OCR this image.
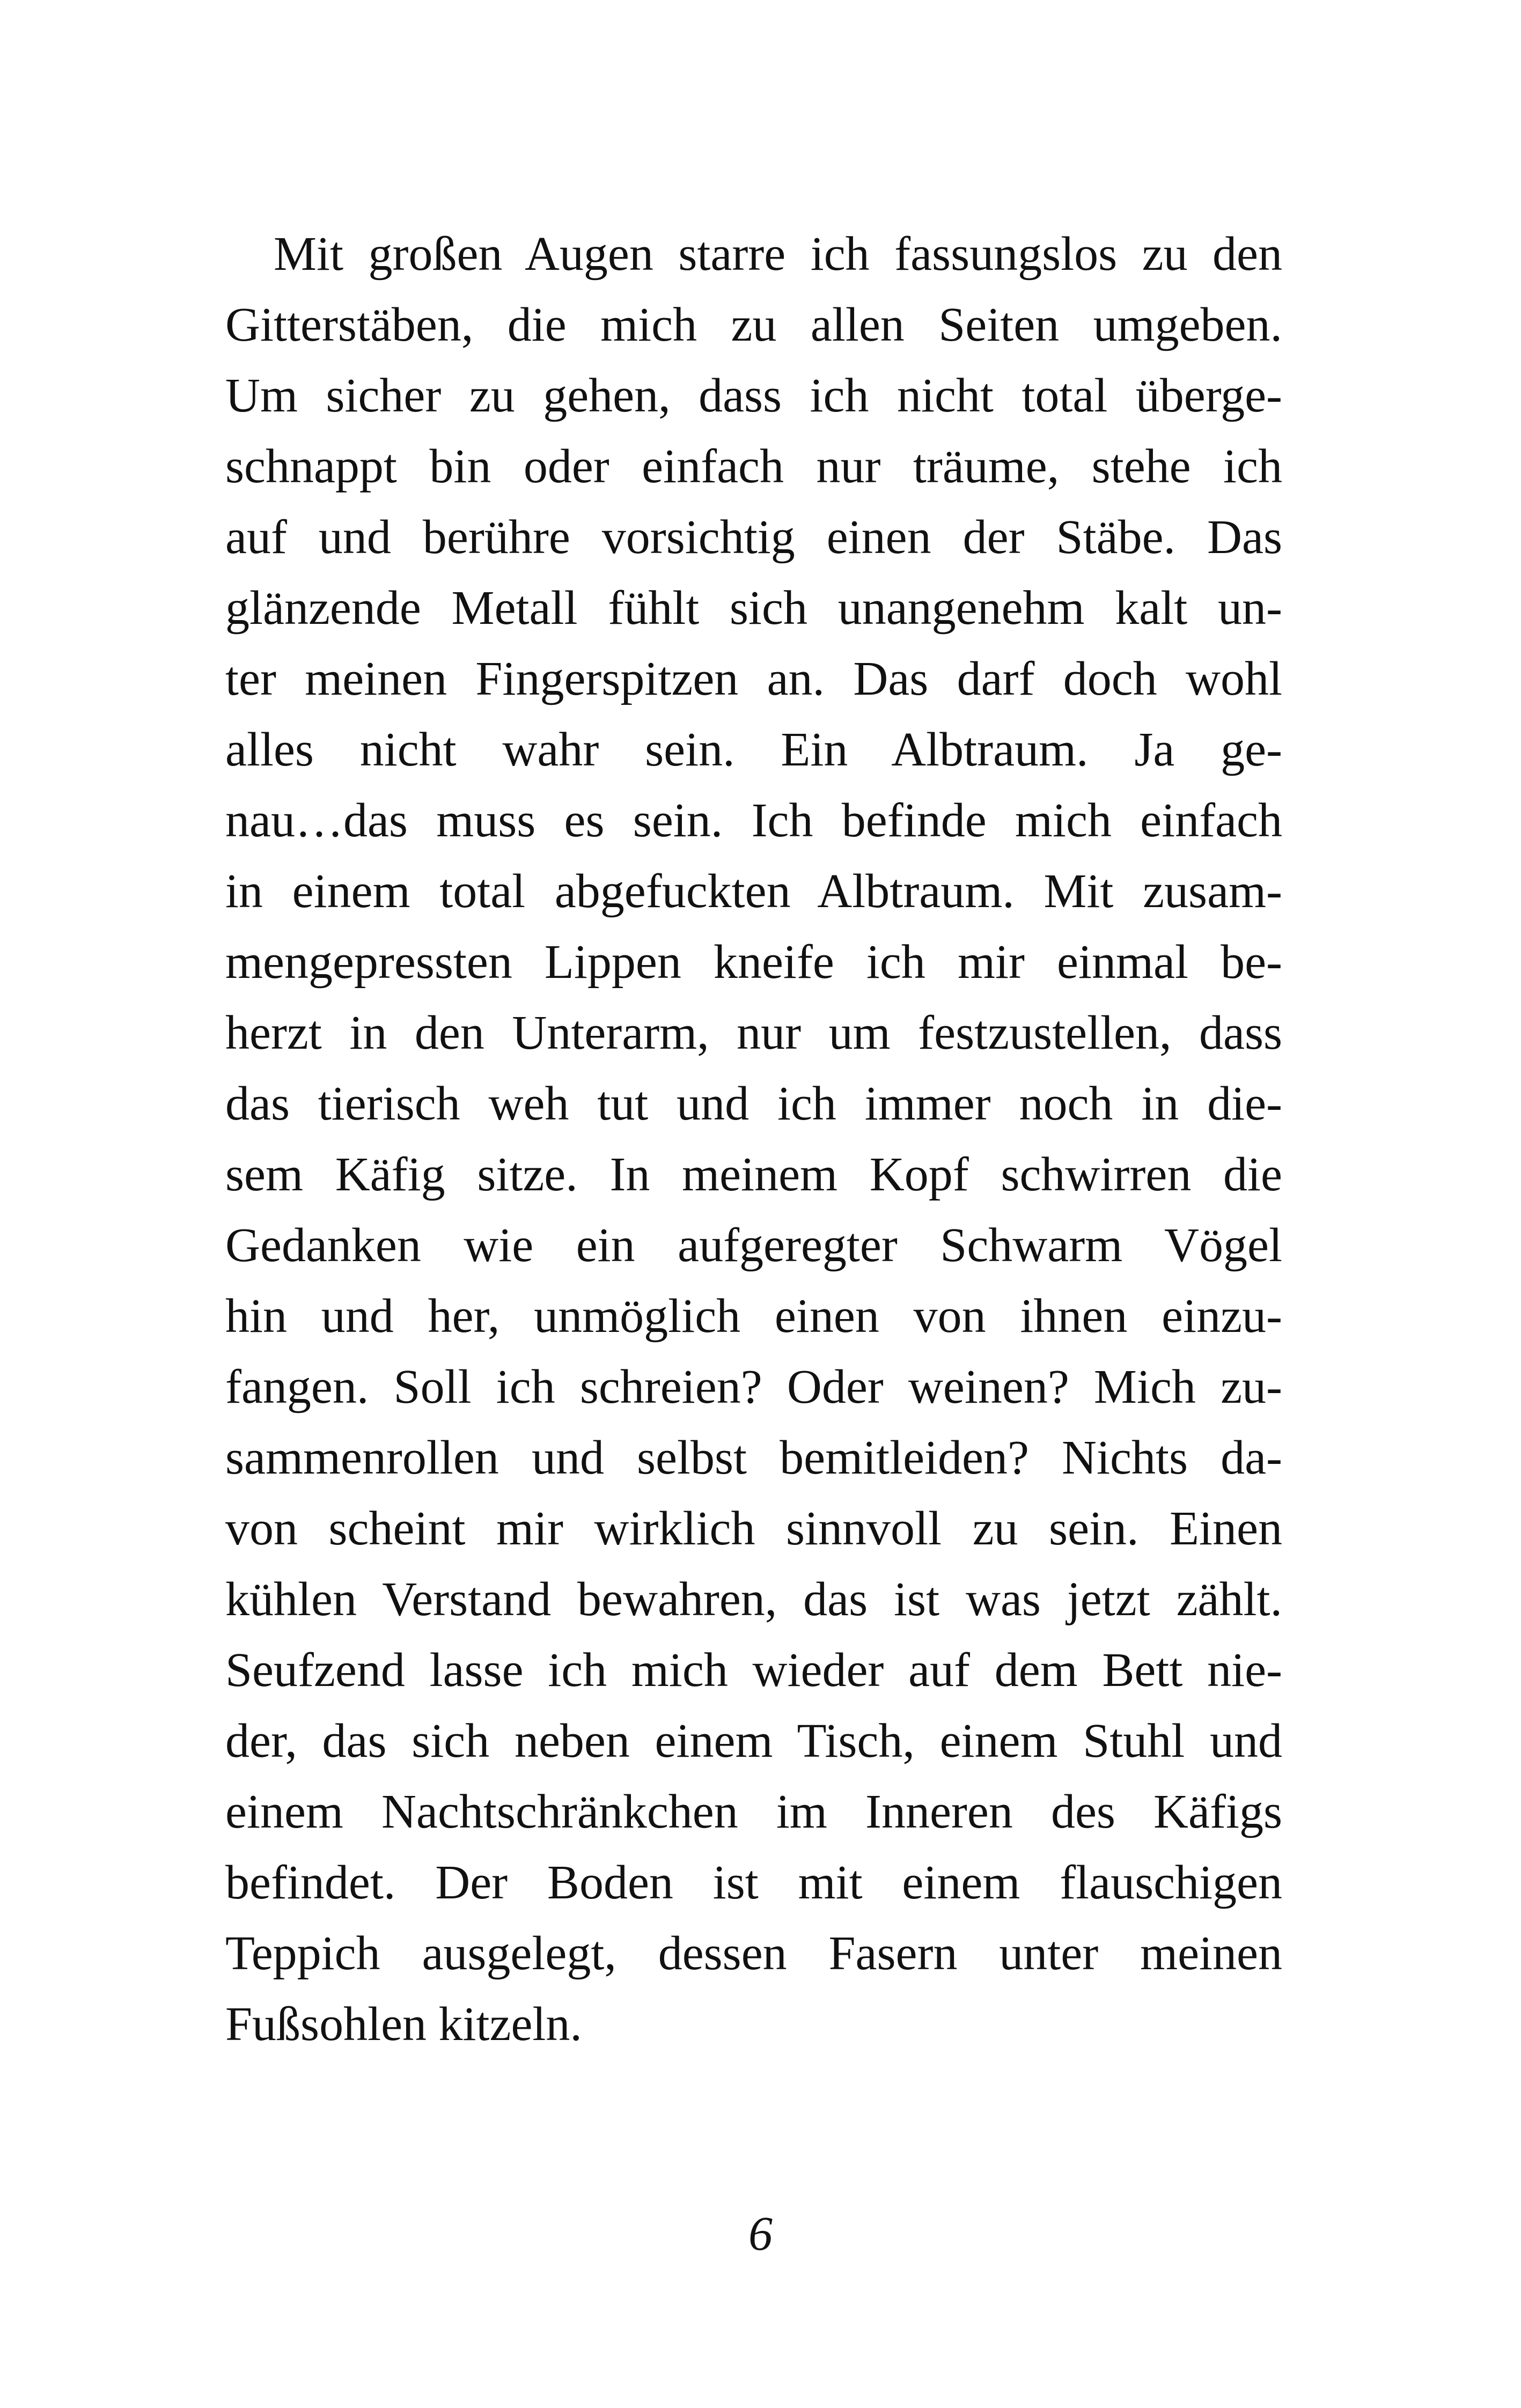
Mit großen Augen starre ich fassungslos zu den
Gitterstäben, die mich zu allen Seiten umgeben.
Um sicher zu gehen, dass ich nicht total überge-
schnappt bin oder einfach nur träume, stehe ich
auf und berühre vorsichtig einen der Stäbe. Das
glänzende Metall fühlt sich unangenehm kalt un-
ter meinen Fingerspitzen an. Das darf doch wohl
alles nicht wahr sein. Ein Albtraum. Ja ge-
nau…das muss es sein. Ich befinde mich einfach
in einem total abgefuckten Albtraum. Mit zusam-
mengepressten Lippen kneife ich mir einmal be-
herzt in den Unterarm, nur um festzustellen, dass
das tierisch weh tut und ich immer noch in die-
sem Käfig sitze. In meinem Kopf schwirren die
Gedanken wie ein aufgeregter Schwarm Vögel
hin und her, unmöglich einen von ihnen einzu-
fangen. Soll ich schreien? Oder weinen? Mich zu-
sammenrollen und selbst bemitleiden? Nichts da-
von scheint mir wirklich sinnvoll zu sein. Einen
kühlen Verstand bewahren, das ist was jetzt zählt.
Seufzend lasse ich mich wieder auf dem Bett nie-
der, das sich neben einem Tisch, einem Stuhl und
einem Nachtschränkchen im Inneren des Käfigs
befindet. Der Boden ist mit einem flauschigen
Teppich ausgelegt, dessen Fasern unter meinen
Fußsohlen kitzeln.
6
